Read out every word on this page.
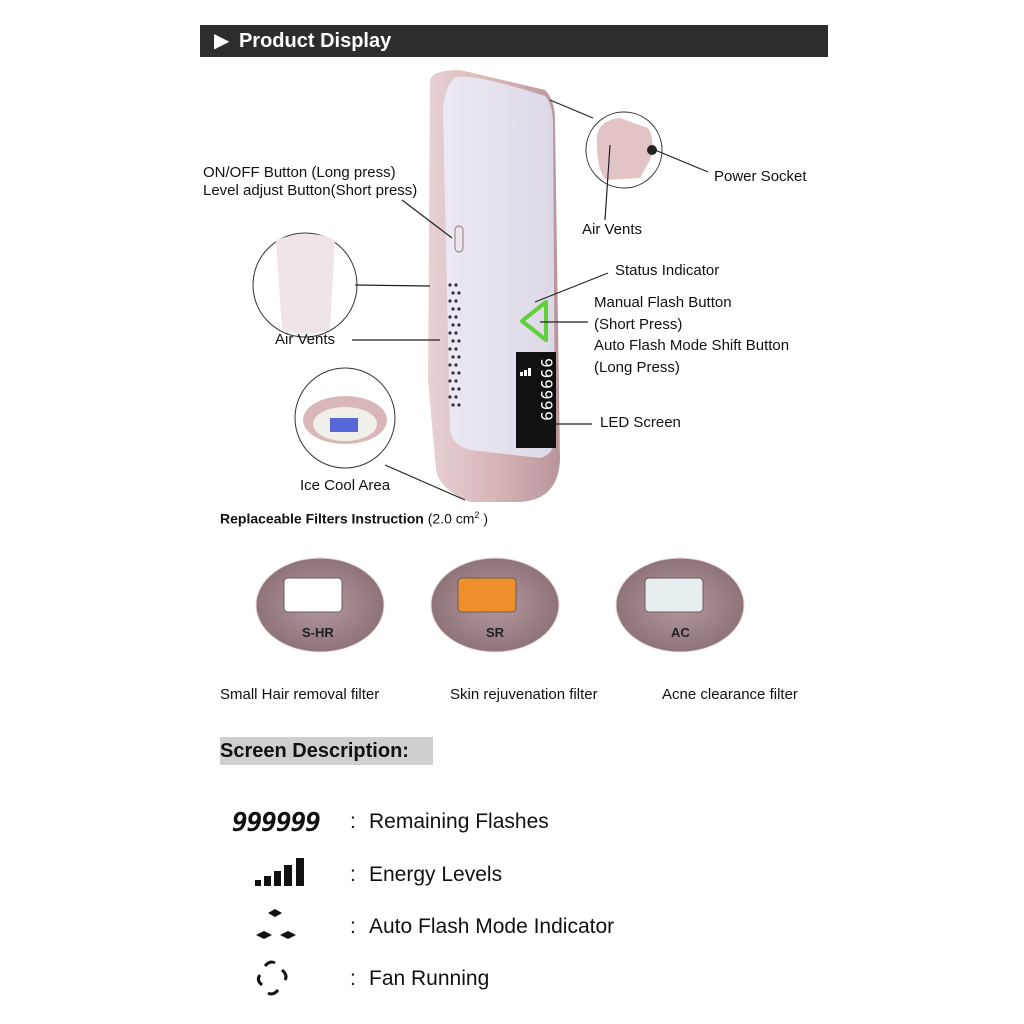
▶ Product Display
999999
ON/OFF Button (Long press)
Level adjust Button(Short press)
Power Socket
Air Vents
Air Vents
Status Indicator
Manual Flash Button
(Short Press)
Auto Flash Mode Shift Button
(Long Press)
LED Screen
Ice Cool Area
Replaceable Filters Instruction (2.0 $cm^2$ )
S-HR	SR	AC
Small Hair removal filter	Skin rejuvenation filter	Acne clearance filter
Screen Description:
999999 : Remaining Flashes
: Energy Levels
: Auto Flash Mode Indicator
: Fan Running
